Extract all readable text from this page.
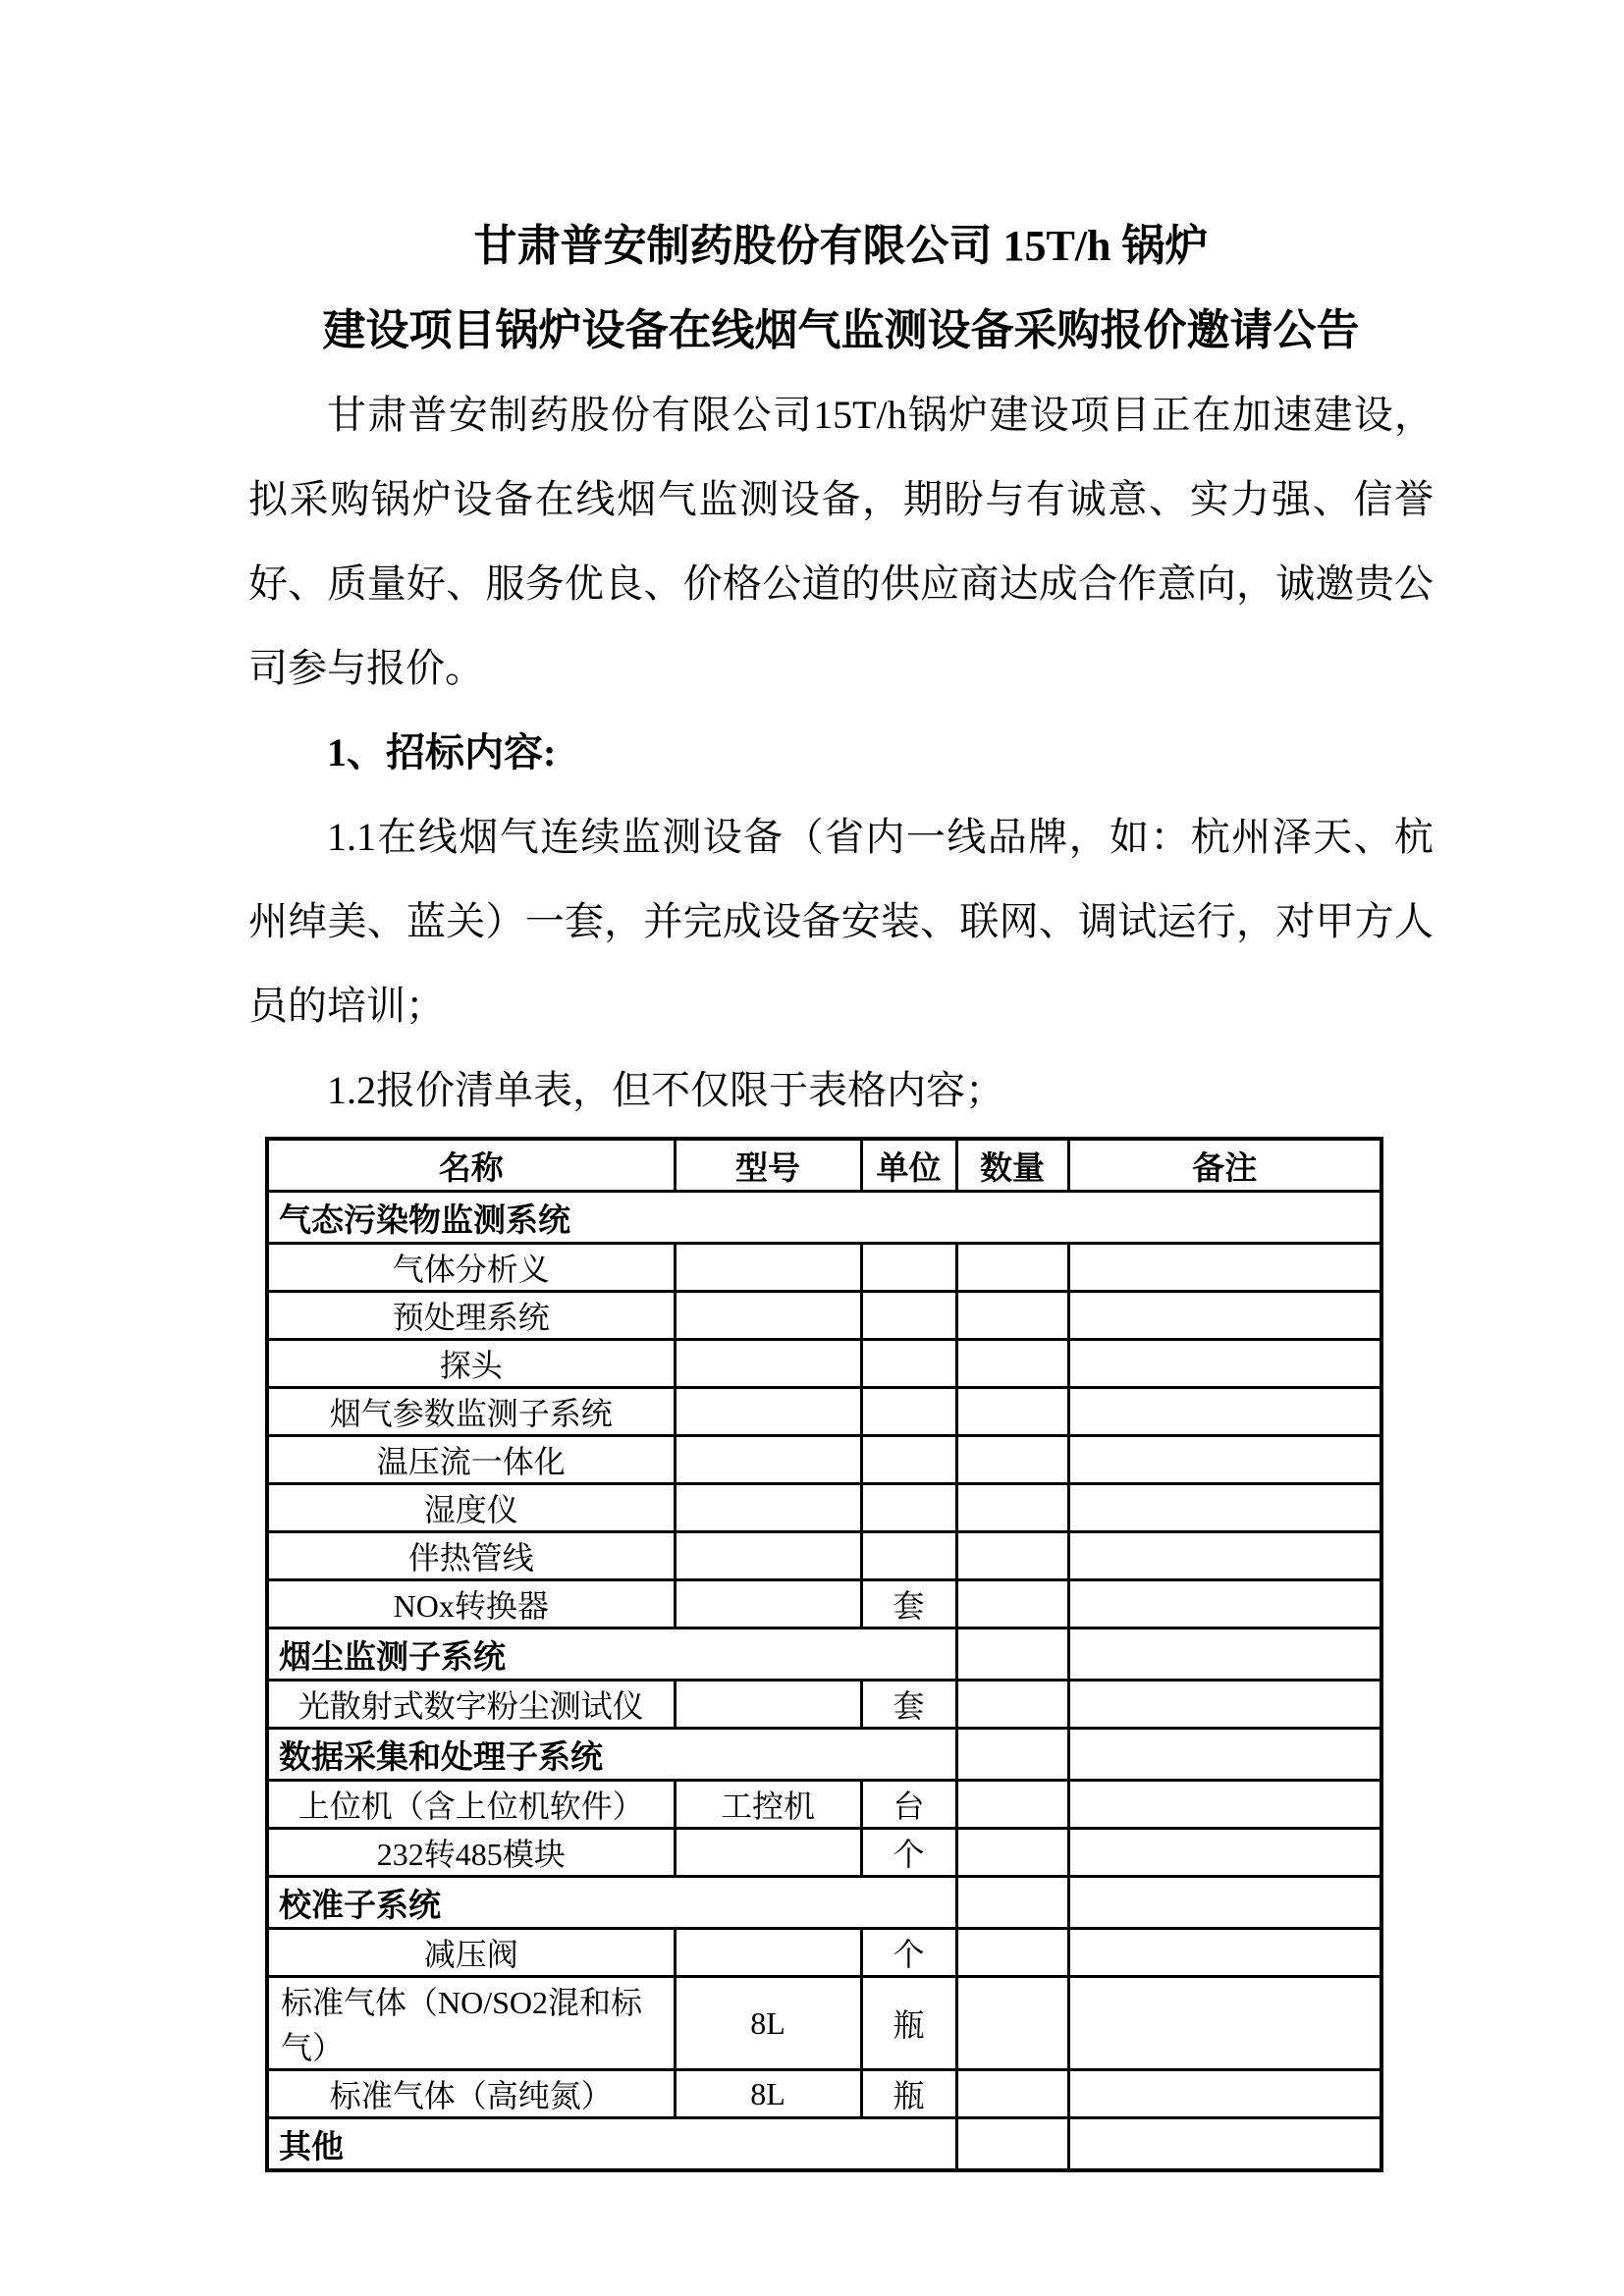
甘肃普安制药股份有限公司 15T/h 锅炉
建设项目锅炉设备在线烟气监测设备采购报价邀请公告

甘肃普安制药股份有限公司15T/h锅炉建设项目正在加速建设，拟采购锅炉设备在线烟气监测设备，期盼与有诚意、实力强、信誉好、质量好、服务优良、价格公道的供应商达成合作意向，诚邀贵公司参与报价。

1、招标内容:

1.1在线烟气连续监测设备（省内一线品牌，如：杭州泽天、杭州绰美、蓝关）一套，并完成设备安装、联网、调试运行，对甲方人员的培训；

1.2报价清单表，但不仅限于表格内容；

名称	型号	单位	数量	备注
气态污染物监测系统				
气体分析义				
预处理系统				
探头				
烟气参数监测子系统				
温压流一体化				
湿度仪				
伴热管线				
NOx转换器		套		
烟尘监测子系统				
光散射式数字粉尘测试仪		套		
数据采集和处理子系统				
上位机（含上位机软件）	工控机	台		
232转485模块		个		
校准子系统				
减压阀		个		
标准气体（NO/SO2混和标 气）	8L	瓶		
标准气体（高纯氮）	8L	瓶		
其他				
